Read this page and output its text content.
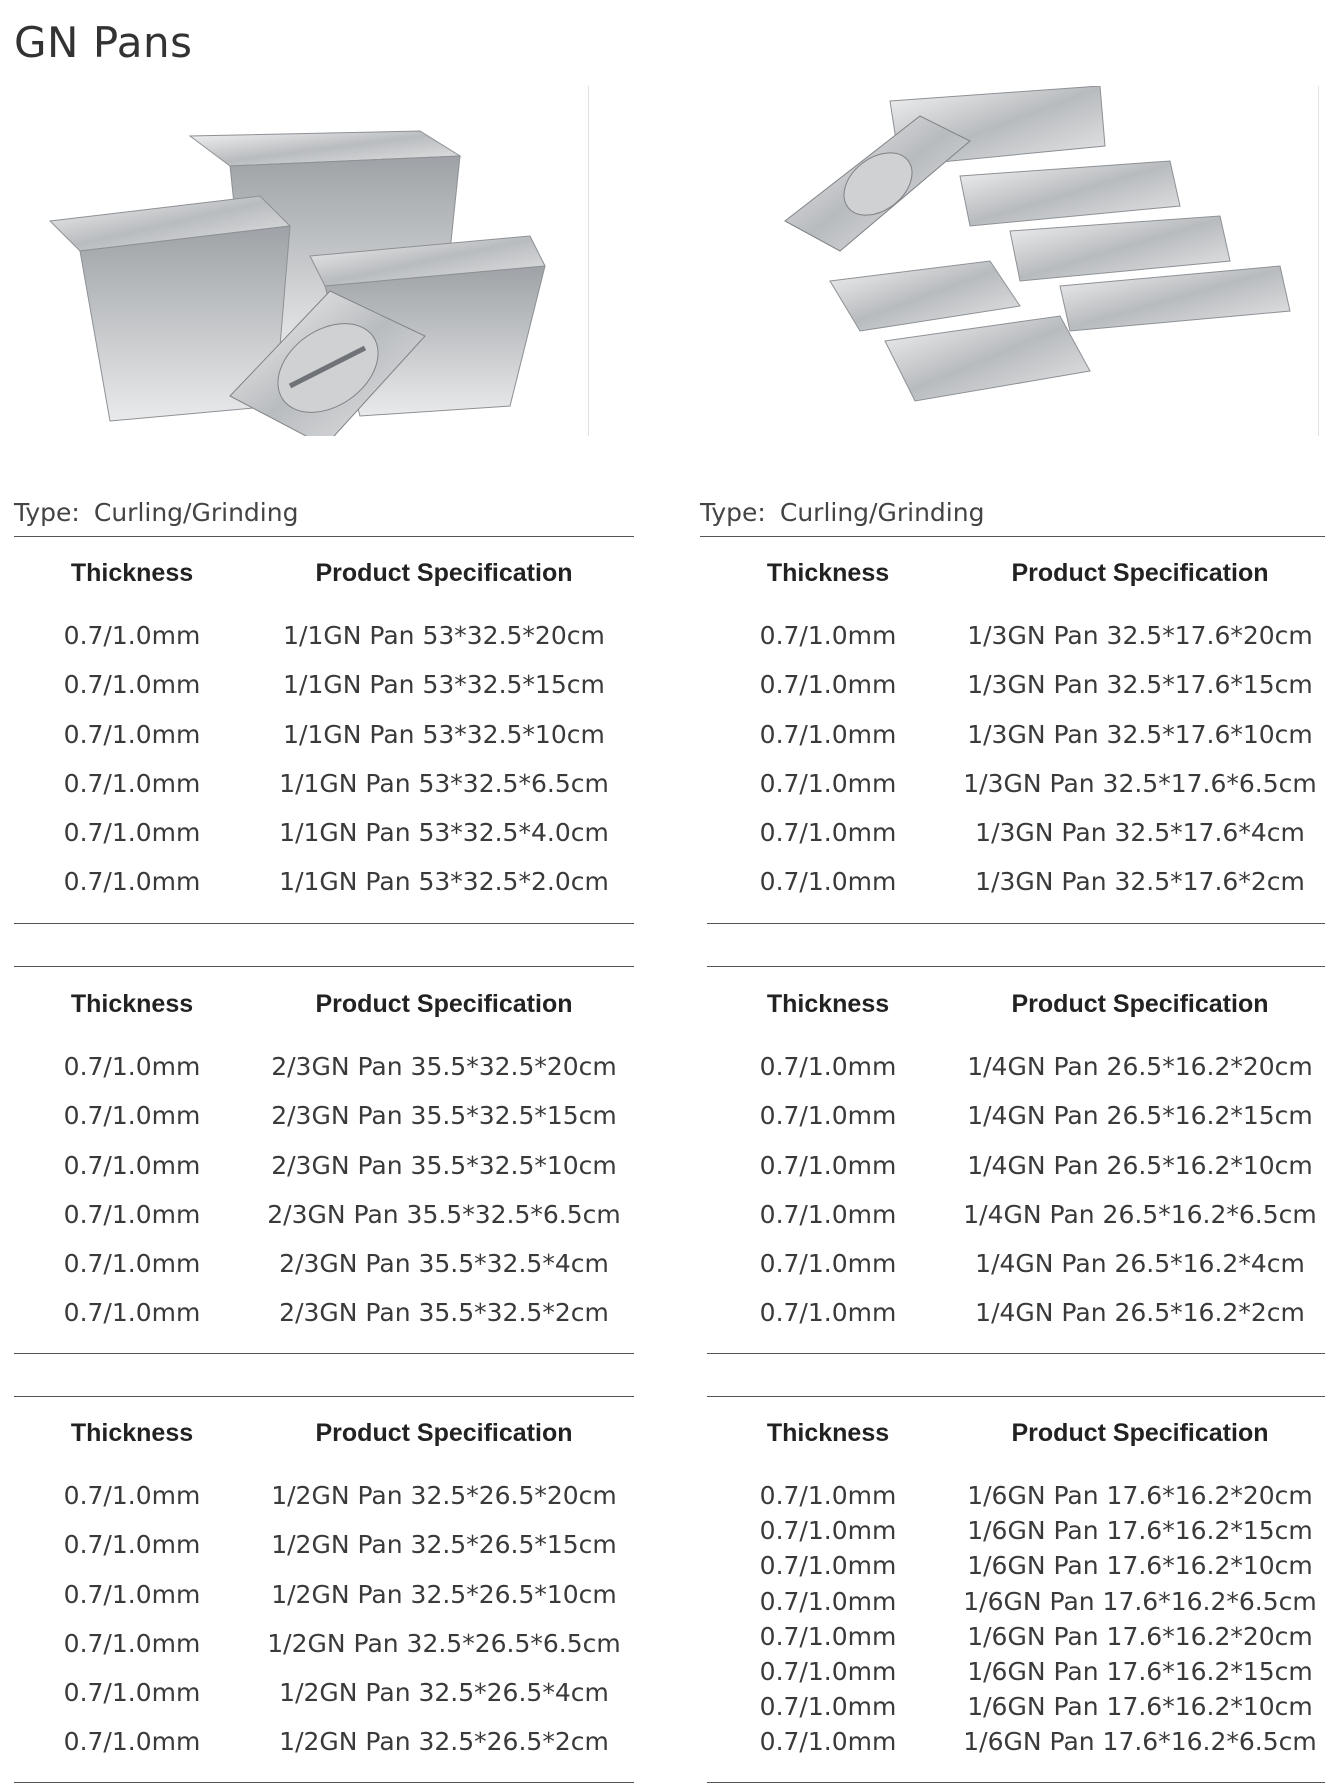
GN Pans
Type: Curling/Grinding	Type: Curling/Grinding
Thickness	Product Specification
0.7/1.0mm	1/1GN Pan 53*32.5*20cm
0.7/1.0mm	1/1GN Pan 53*32.5*15cm
0.7/1.0mm	1/1GN Pan 53*32.5*10cm
0.7/1.0mm	1/1GN Pan 53*32.5*6.5cm
0.7/1.0mm	1/1GN Pan 53*32.5*4.0cm
0.7/1.0mm	1/1GN Pan 53*32.5*2.0cm
Thickness	Product Specification
0.7/1.0mm	1/3GN Pan 32.5*17.6*20cm
0.7/1.0mm	1/3GN Pan 32.5*17.6*15cm
0.7/1.0mm	1/3GN Pan 32.5*17.6*10cm
0.7/1.0mm	1/3GN Pan 32.5*17.6*6.5cm
0.7/1.0mm	1/3GN Pan 32.5*17.6*4cm
0.7/1.0mm	1/3GN Pan 32.5*17.6*2cm
Thickness	Product Specification
0.7/1.0mm	2/3GN Pan 35.5*32.5*20cm
0.7/1.0mm	2/3GN Pan 35.5*32.5*15cm
0.7/1.0mm	2/3GN Pan 35.5*32.5*10cm
0.7/1.0mm	2/3GN Pan 35.5*32.5*6.5cm
0.7/1.0mm	2/3GN Pan 35.5*32.5*4cm
0.7/1.0mm	2/3GN Pan 35.5*32.5*2cm
Thickness	Product Specification
0.7/1.0mm	1/4GN Pan 26.5*16.2*20cm
0.7/1.0mm	1/4GN Pan 26.5*16.2*15cm
0.7/1.0mm	1/4GN Pan 26.5*16.2*10cm
0.7/1.0mm	1/4GN Pan 26.5*16.2*6.5cm
0.7/1.0mm	1/4GN Pan 26.5*16.2*4cm
0.7/1.0mm	1/4GN Pan 26.5*16.2*2cm
Thickness	Product Specification
0.7/1.0mm	1/2GN Pan 32.5*26.5*20cm
0.7/1.0mm	1/2GN Pan 32.5*26.5*15cm
0.7/1.0mm	1/2GN Pan 32.5*26.5*10cm
0.7/1.0mm	1/2GN Pan 32.5*26.5*6.5cm
0.7/1.0mm	1/2GN Pan 32.5*26.5*4cm
0.7/1.0mm	1/2GN Pan 32.5*26.5*2cm
Thickness	Product Specification
0.7/1.0mm	1/6GN Pan 17.6*16.2*20cm
0.7/1.0mm	1/6GN Pan 17.6*16.2*15cm
0.7/1.0mm	1/6GN Pan 17.6*16.2*10cm
0.7/1.0mm	1/6GN Pan 17.6*16.2*6.5cm
0.7/1.0mm	1/6GN Pan 17.6*16.2*20cm
0.7/1.0mm	1/6GN Pan 17.6*16.2*15cm
0.7/1.0mm	1/6GN Pan 17.6*16.2*10cm
0.7/1.0mm	1/6GN Pan 17.6*16.2*6.5cm
